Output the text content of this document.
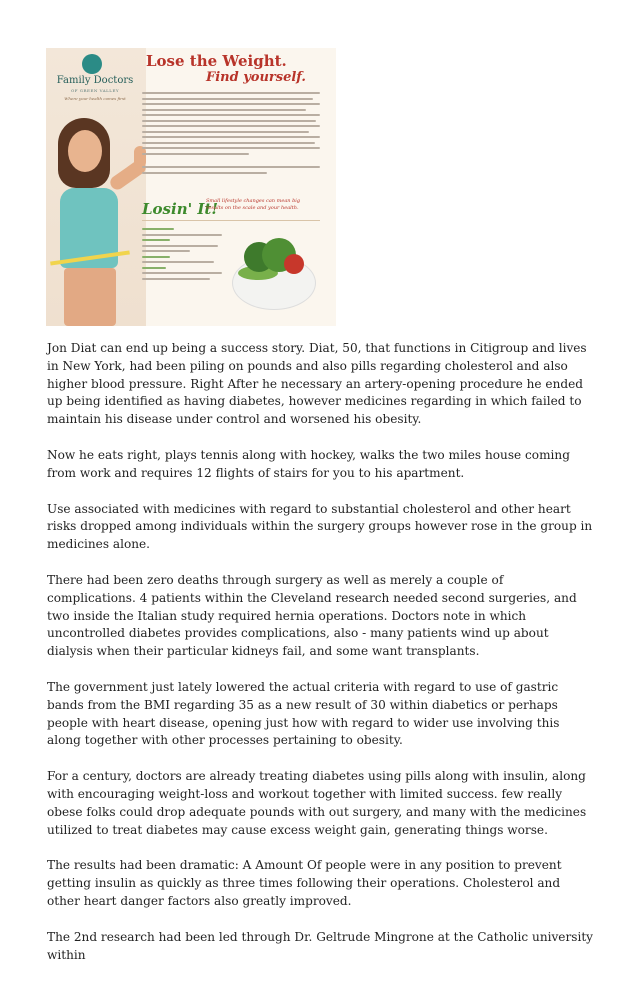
Family Doctors
OF GREEN VALLEY
Where your health comes first
Lose the Weight.
Find yourself.
Losin' It!
Small lifestyle changes can mean big results on the scale and your health.

Jon Diat can end up being a success story. Diat, 50, that functions in Citigroup and lives in New York, had been piling on pounds and also pills regarding cholesterol and also higher blood pressure. Right After he necessary an artery-opening procedure he ended up being identified as having diabetes, however medicines regarding in which failed to maintain his disease under control and worsened his obesity.

Now he eats right, plays tennis along with hockey, walks the two miles house coming from work and requires 12 flights of stairs for you to his apartment.

Use associated with medicines with regard to substantial cholesterol and other heart risks dropped among individuals within the surgery groups however rose in the group in medicines alone.

There had been zero deaths through surgery as well as merely a couple of complications. 4 patients within the Cleveland research needed second surgeries, and two inside the Italian study required hernia operations. Doctors note in which uncontrolled diabetes provides complications, also - many patients wind up about dialysis when their particular kidneys fail, and some want transplants.

The government just lately lowered the actual criteria with regard to use of gastric bands from the BMI regarding 35 as a new result of 30 within diabetics or perhaps people with heart disease, opening just how with regard to wider use involving this along together with other processes pertaining to obesity.

For a century, doctors are already treating diabetes using pills along with insulin, along with encouraging weight-loss and workout together with limited success. few really obese folks could drop adequate pounds with out surgery, and many with the medicines utilized to treat diabetes may cause excess weight gain, generating things worse.

The results had been dramatic: A Amount Of people were in any position to prevent getting insulin as quickly as three times following their operations. Cholesterol and other heart danger factors also greatly improved.

The 2nd research had been led through Dr. Geltrude Mingrone at the Catholic university within
